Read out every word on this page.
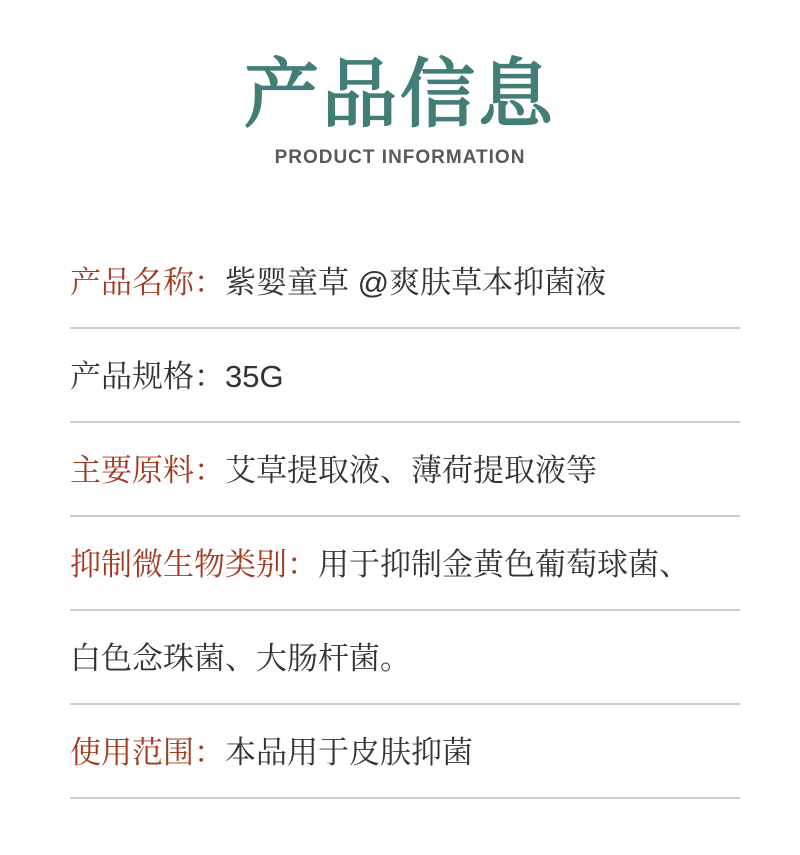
产品信息
PRODUCT INFORMATION
产品名称：紫婴童草 @爽肤草本抑菌液
产品规格：35G
主要原料：艾草提取液、薄荷提取液等
抑制微生物类别：用于抑制金黄色葡萄球菌、
白色念珠菌、大肠杆菌。
使用范围：本品用于皮肤抑菌
